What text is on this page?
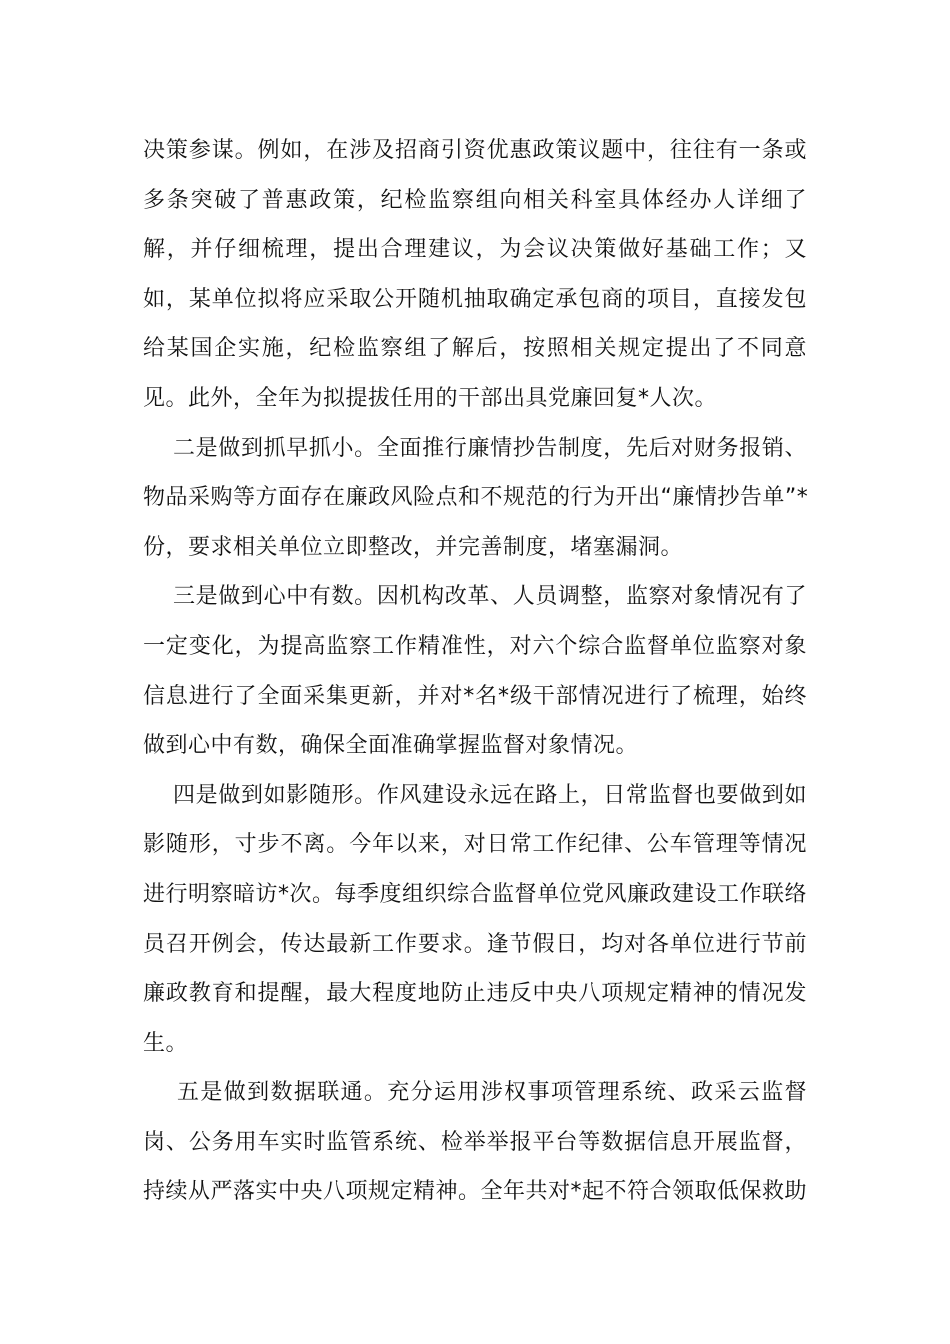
决策参谋。例如，在涉及招商引资优惠政策议题中，往往有一条或
多条突破了普惠政策，纪检监察组向相关科室具体经办人详细了
解，并仔细梳理，提出合理建议，为会议决策做好基础工作；又
如，某单位拟将应采取公开随机抽取确定承包商的项目，直接发包
给某国企实施，纪检监察组了解后，按照相关规定提出了不同意
见。此外，全年为拟提拔任用的干部出具党廉回复*人次。
二是做到抓早抓小。全面推行廉情抄告制度，先后对财务报销、
物品采购等方面存在廉政风险点和不规范的行为开出“廉情抄告单”*
份，要求相关单位立即整改，并完善制度，堵塞漏洞。
三是做到心中有数。因机构改革、人员调整，监察对象情况有了
一定变化，为提高监察工作精准性，对六个综合监督单位监察对象
信息进行了全面采集更新，并对*名*级干部情况进行了梳理，始终
做到心中有数，确保全面准确掌握监督对象情况。
四是做到如影随形。作风建设永远在路上，日常监督也要做到如
影随形，寸步不离。今年以来，对日常工作纪律、公车管理等情况
进行明察暗访*次。每季度组织综合监督单位党风廉政建设工作联络
员召开例会，传达最新工作要求。逢节假日，均对各单位进行节前
廉政教育和提醒，最大程度地防止违反中央八项规定精神的情况发
生。
五是做到数据联通。充分运用涉权事项管理系统、政采云监督
岗、公务用车实时监管系统、检举举报平台等数据信息开展监督，
持续从严落实中央八项规定精神。全年共对*起不符合领取低保救助
